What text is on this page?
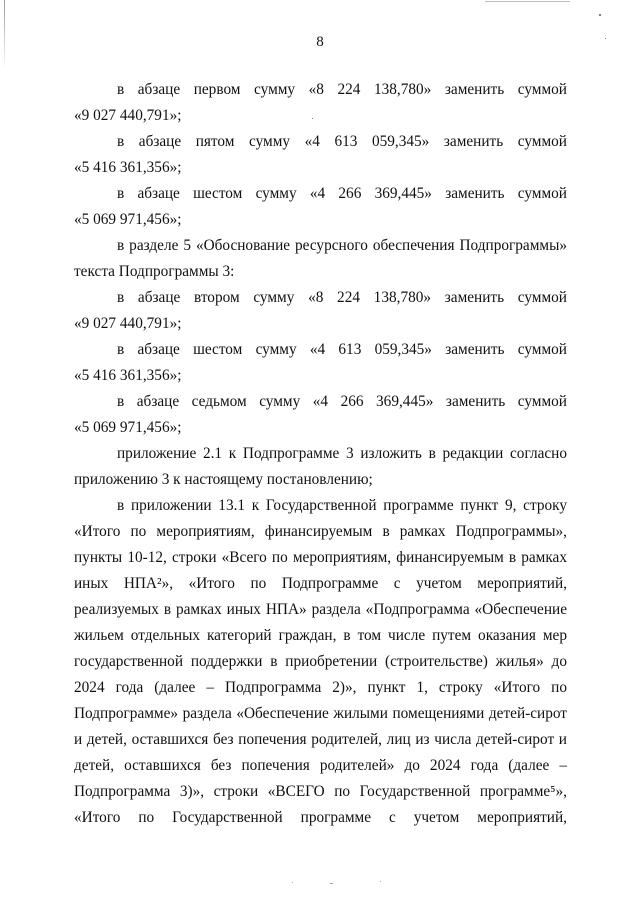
8
в абзаце первом сумму «8 224 138,780» заменить суммой
«9 027 440,791»;
в абзаце пятом сумму «4 613 059,345» заменить суммой
«5 416 361,356»;
в абзаце шестом сумму «4 266 369,445» заменить суммой
«5 069 971,456»;
в разделе 5 «Обоснование ресурсного обеспечения Подпрограммы»
текста Подпрограммы 3:
в абзаце втором сумму «8 224 138,780» заменить суммой
«9 027 440,791»;
в абзаце шестом сумму «4 613 059,345» заменить суммой
«5 416 361,356»;
в абзаце седьмом сумму «4 266 369,445» заменить суммой
«5 069 971,456»;
приложение 2.1 к Подпрограмме 3 изложить в редакции согласно
приложению 3 к настоящему постановлению;
в приложении 13.1 к Государственной программе пункт 9, строку
«Итого по мероприятиям, финансируемым в рамках Подпрограммы»,
пункты 10-12, строки «Всего по мероприятиям, финансируемым в рамках
иных НПА²», «Итого по Подпрограмме с учетом мероприятий,
реализуемых в рамках иных НПА» раздела «Подпрограмма «Обеспечение
жильем отдельных категорий граждан, в том числе путем оказания мер
государственной поддержки в приобретении (строительстве) жилья» до
2024 года (далее – Подпрограмма 2)», пункт 1, строку «Итого по
Подпрограмме» раздела «Обеспечение жилыми помещениями детей-сирот
и детей, оставшихся без попечения родителей, лиц из числа детей-сирот и
детей, оставшихся без попечения родителей» до 2024 года (далее –
Подпрограмма 3)», строки «ВСЕГО по Государственной программе⁵»,
«Итого по Государственной программе с учетом мероприятий,
